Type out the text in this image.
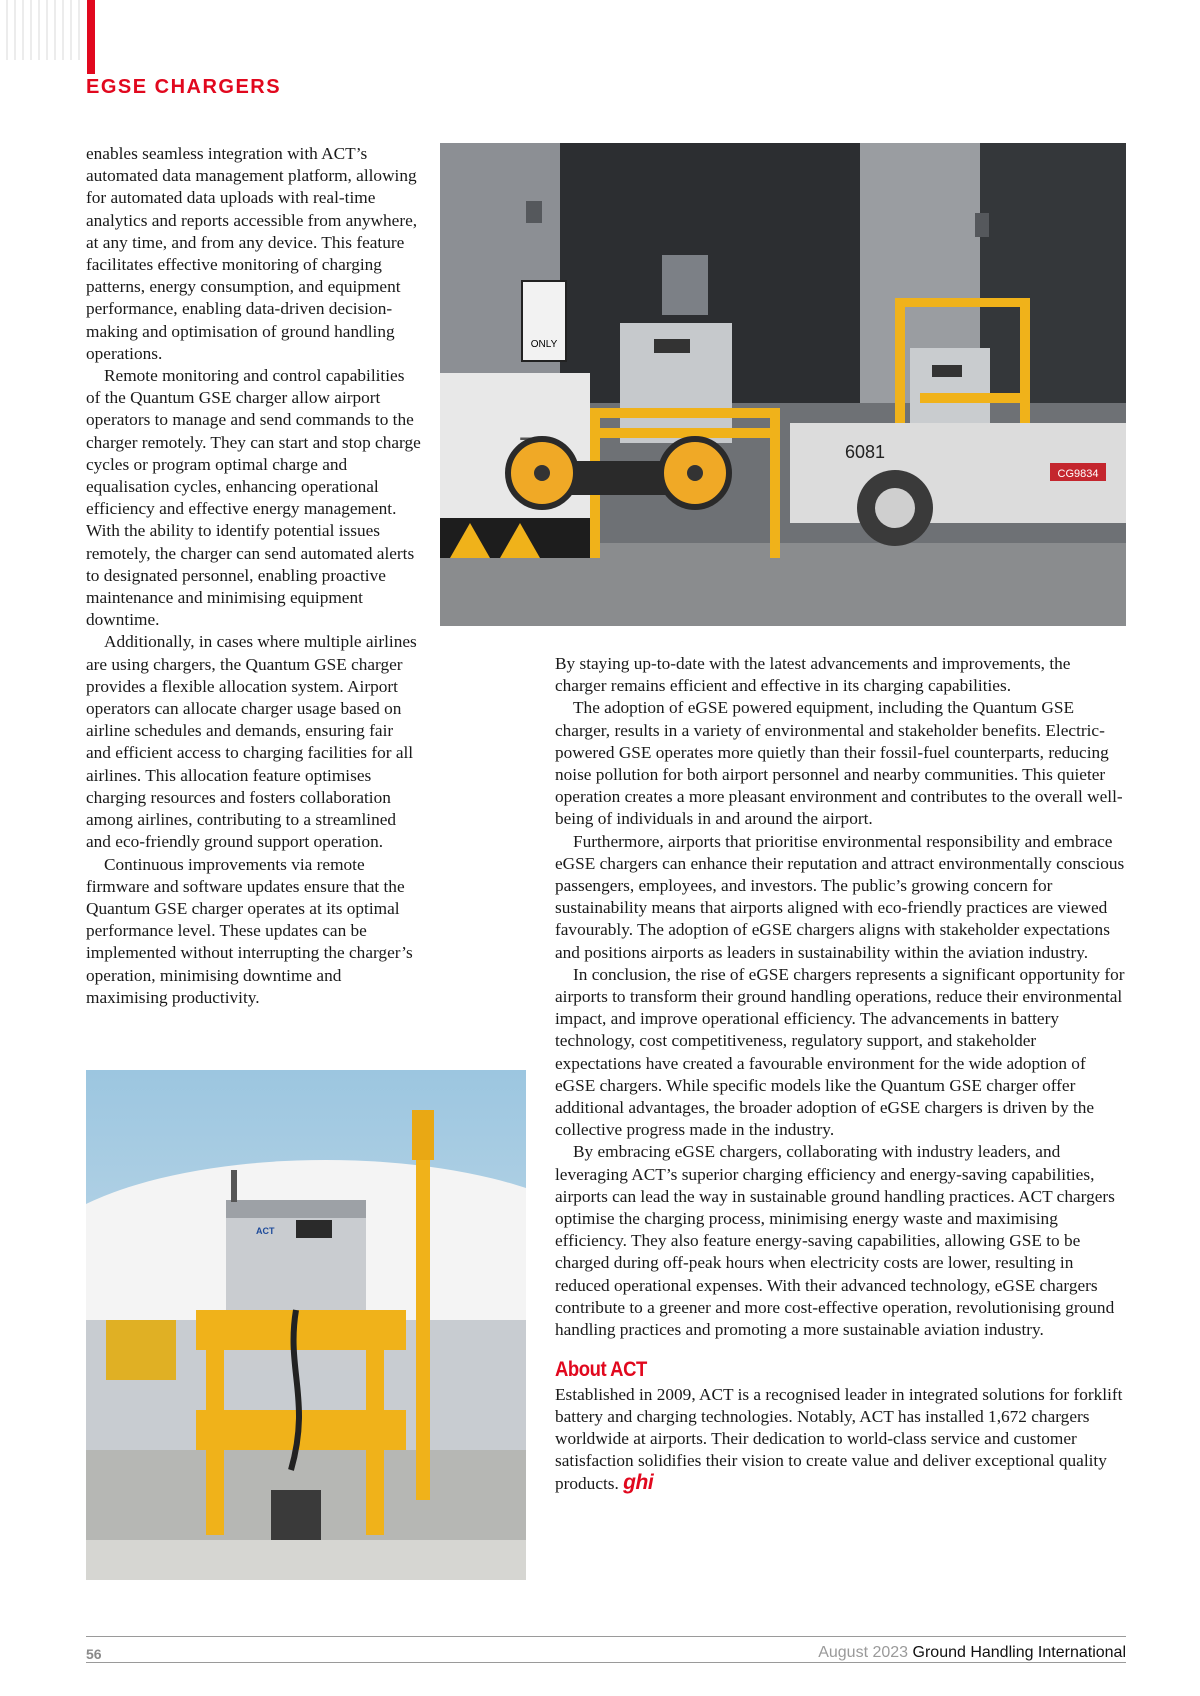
EGSE CHARGERS

enables seamless integration with ACT’s automated data management platform, allowing for automated data uploads with real-time analytics and reports accessible from anywhere, at any time, and from any device. This feature facilitates effective monitoring of charging patterns, energy consumption, and equipment performance, enabling data-driven decision-making and optimisation of ground handling operations.

Remote monitoring and control capabilities of the Quantum GSE charger allow airport operators to manage and send commands to the charger remotely. They can start and stop charge cycles or program optimal charge and equalisation cycles, enhancing operational efficiency and effective energy management. With the ability to identify potential issues remotely, the charger can send automated alerts to designated personnel, enabling proactive maintenance and minimising equipment downtime.

Additionally, in cases where multiple airlines are using chargers, the Quantum GSE charger provides a flexible allocation system. Airport operators can allocate charger usage based on airline schedules and demands, ensuring fair and efficient access to charging facilities for all airlines. This allocation feature optimises charging resources and fosters collaboration among airlines, contributing to a streamlined and eco-friendly ground support operation.

Continuous improvements via remote firmware and software updates ensure that the Quantum GSE charger operates at its optimal performance level. These updates can be implemented without interrupting the charger’s operation, minimising downtime and maximising productivity.

ONLY
6081
CG9834
ACT

By staying up-to-date with the latest advancements and improvements, the charger remains efficient and effective in its charging capabilities.

The adoption of eGSE powered equipment, including the Quantum GSE charger, results in a variety of environmental and stakeholder benefits. Electric-powered GSE operates more quietly than their fossil-fuel counterparts, reducing noise pollution for both airport personnel and nearby communities. This quieter operation creates a more pleasant environment and contributes to the overall well-being of individuals in and around the airport.

Furthermore, airports that prioritise environmental responsibility and embrace eGSE chargers can enhance their reputation and attract environmentally conscious passengers, employees, and investors. The public’s growing concern for sustainability means that airports aligned with eco-friendly practices are viewed favourably. The adoption of eGSE chargers aligns with stakeholder expectations and positions airports as leaders in sustainability within the aviation industry.

In conclusion, the rise of eGSE chargers represents a significant opportunity for airports to transform their ground handling operations, reduce their environmental impact, and improve operational efficiency. The advancements in battery technology, cost competitiveness, regulatory support, and stakeholder expectations have created a favourable environment for the wide adoption of eGSE chargers. While specific models like the Quantum GSE charger offer additional advantages, the broader adoption of eGSE chargers is driven by the collective progress made in the industry.

By embracing eGSE chargers, collaborating with industry leaders, and leveraging ACT’s superior charging efficiency and energy-saving capabilities, airports can lead the way in sustainable ground handling practices. ACT chargers optimise the charging process, minimising energy waste and maximising efficiency. They also feature energy-saving capabilities, allowing GSE to be charged during off-peak hours when electricity costs are lower, resulting in reduced operational expenses. With their advanced technology, eGSE chargers contribute to a greener and more cost-effective operation, revolutionising ground handling practices and promoting a more sustainable aviation industry.

About ACT

Established in 2009, ACT is a recognised leader in integrated solutions for forklift battery and charging technologies. Notably, ACT has installed 1,672 chargers worldwide at airports. Their dedication to world-class service and customer satisfaction solidifies their vision to create value and deliver exceptional quality products. ghi

56	August 2023 Ground Handling International
